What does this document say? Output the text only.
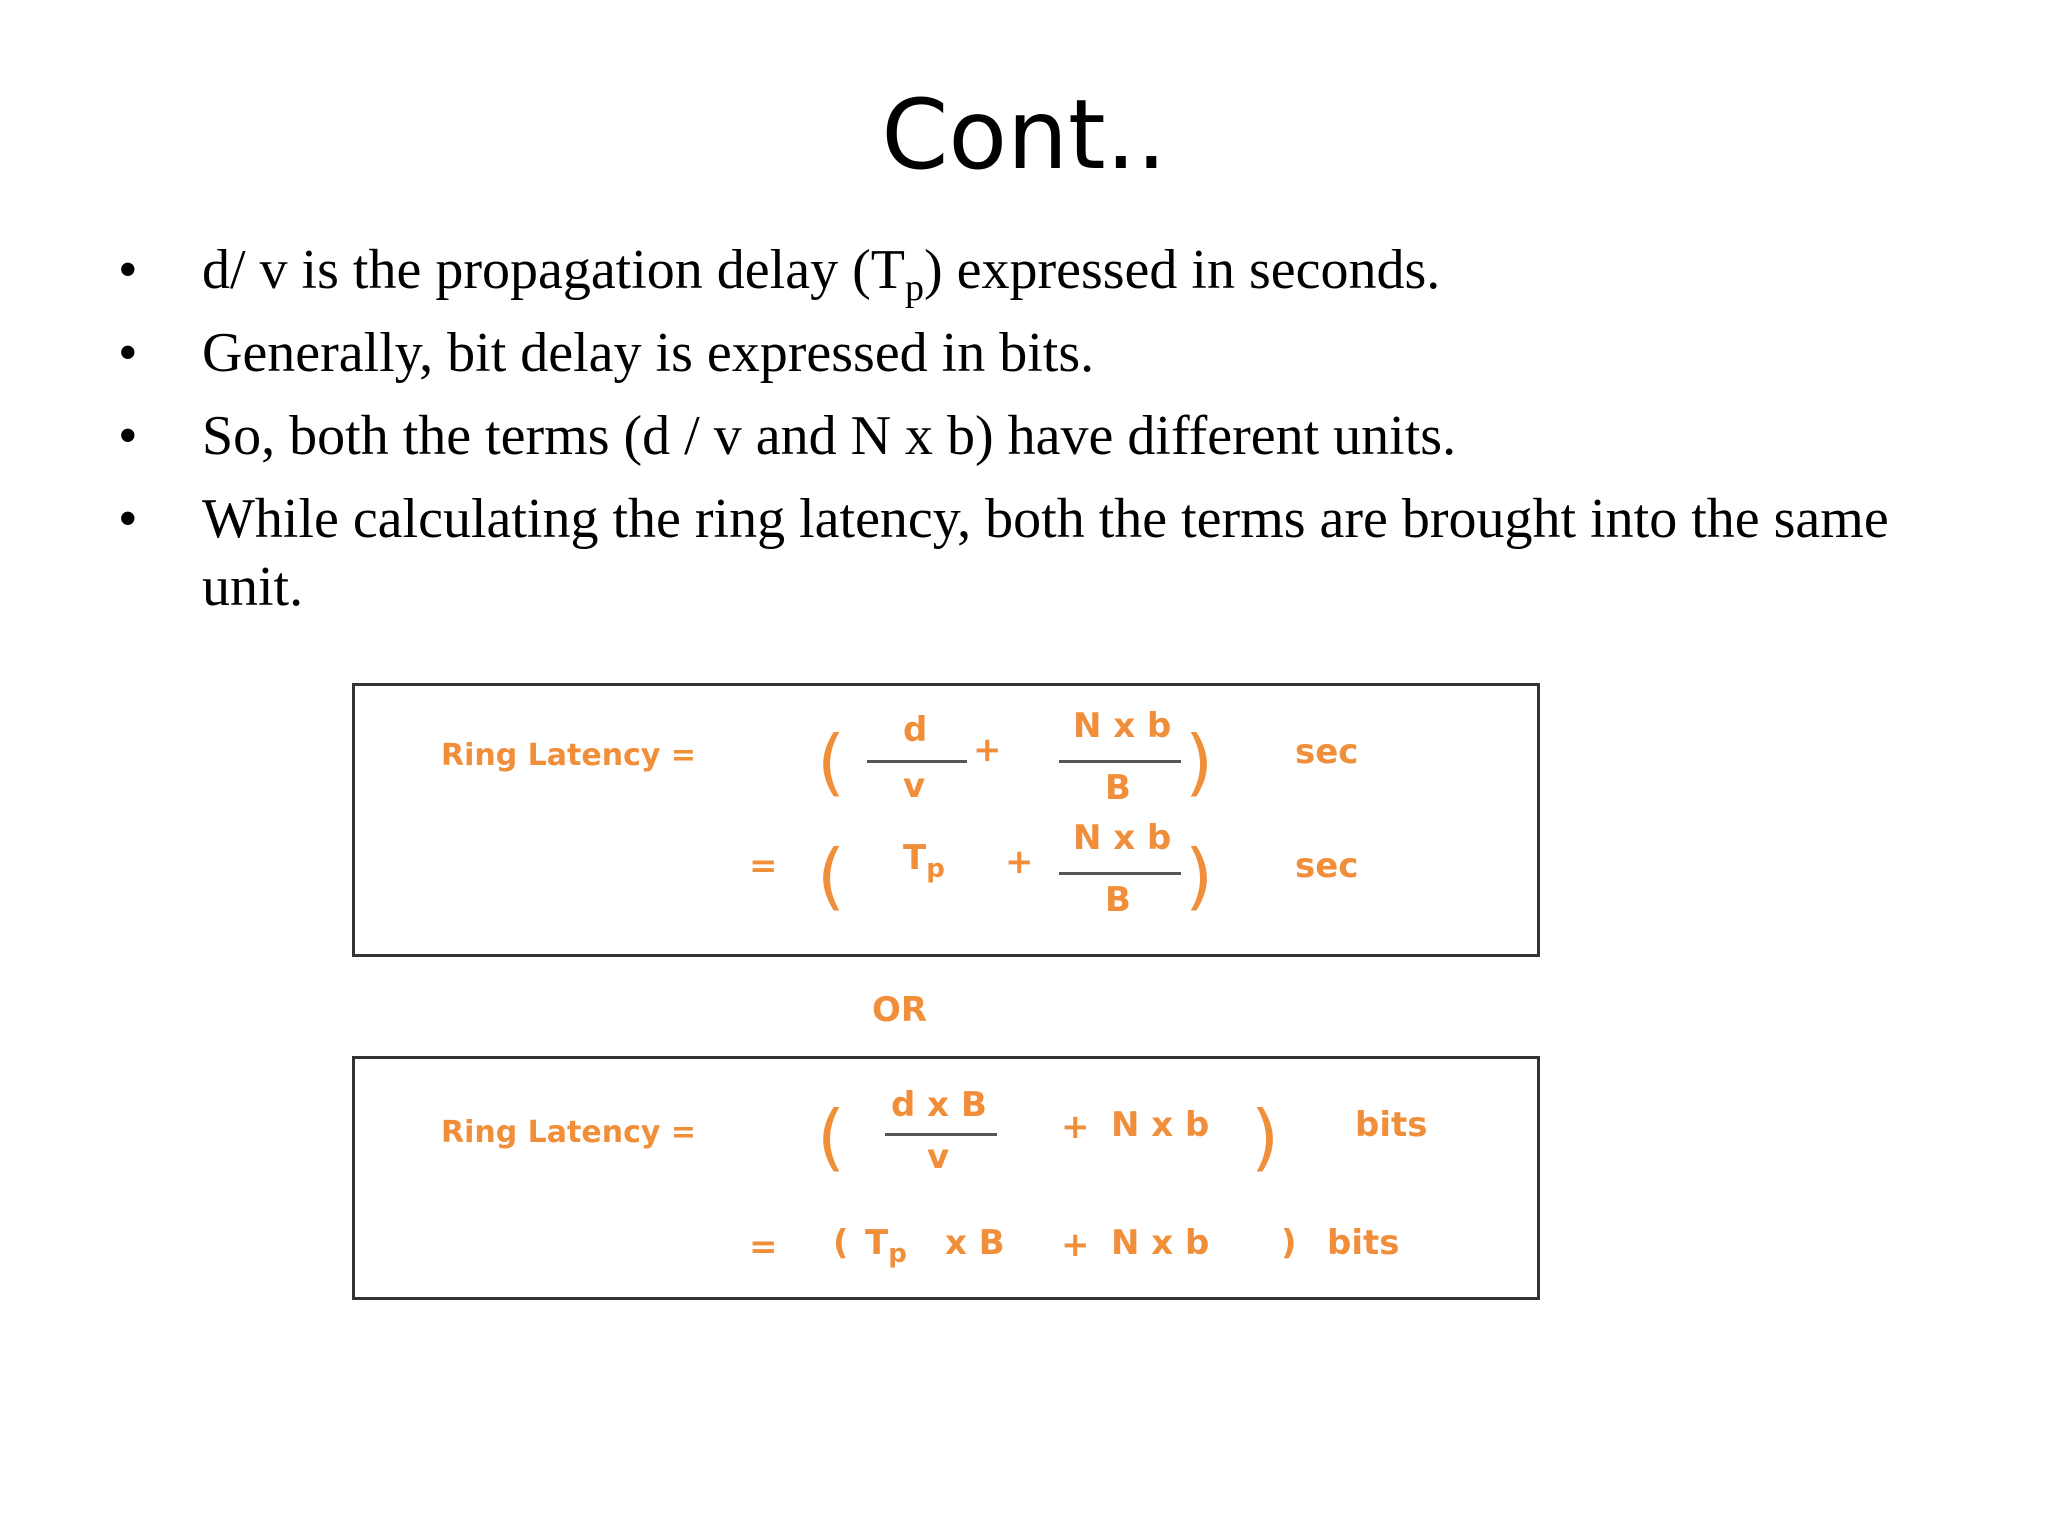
Cont..
• d/ v is the propagation delay $(T_p)$ expressed in seconds.
• Generally, bit delay is expressed in bits.
• So, both the terms (d / v and N x b) have different units.
• While calculating the ring latency, both the terms are brought into the same unit.
Ring Latency = ( d
v
+
N x b
B ) sec
= ( $T_p$ +
N x b
B ) sec
OR
Ring Latency = ( d x B
v
+ N x b ) bits
= ( $T_p$ x B + N x b ) bits
